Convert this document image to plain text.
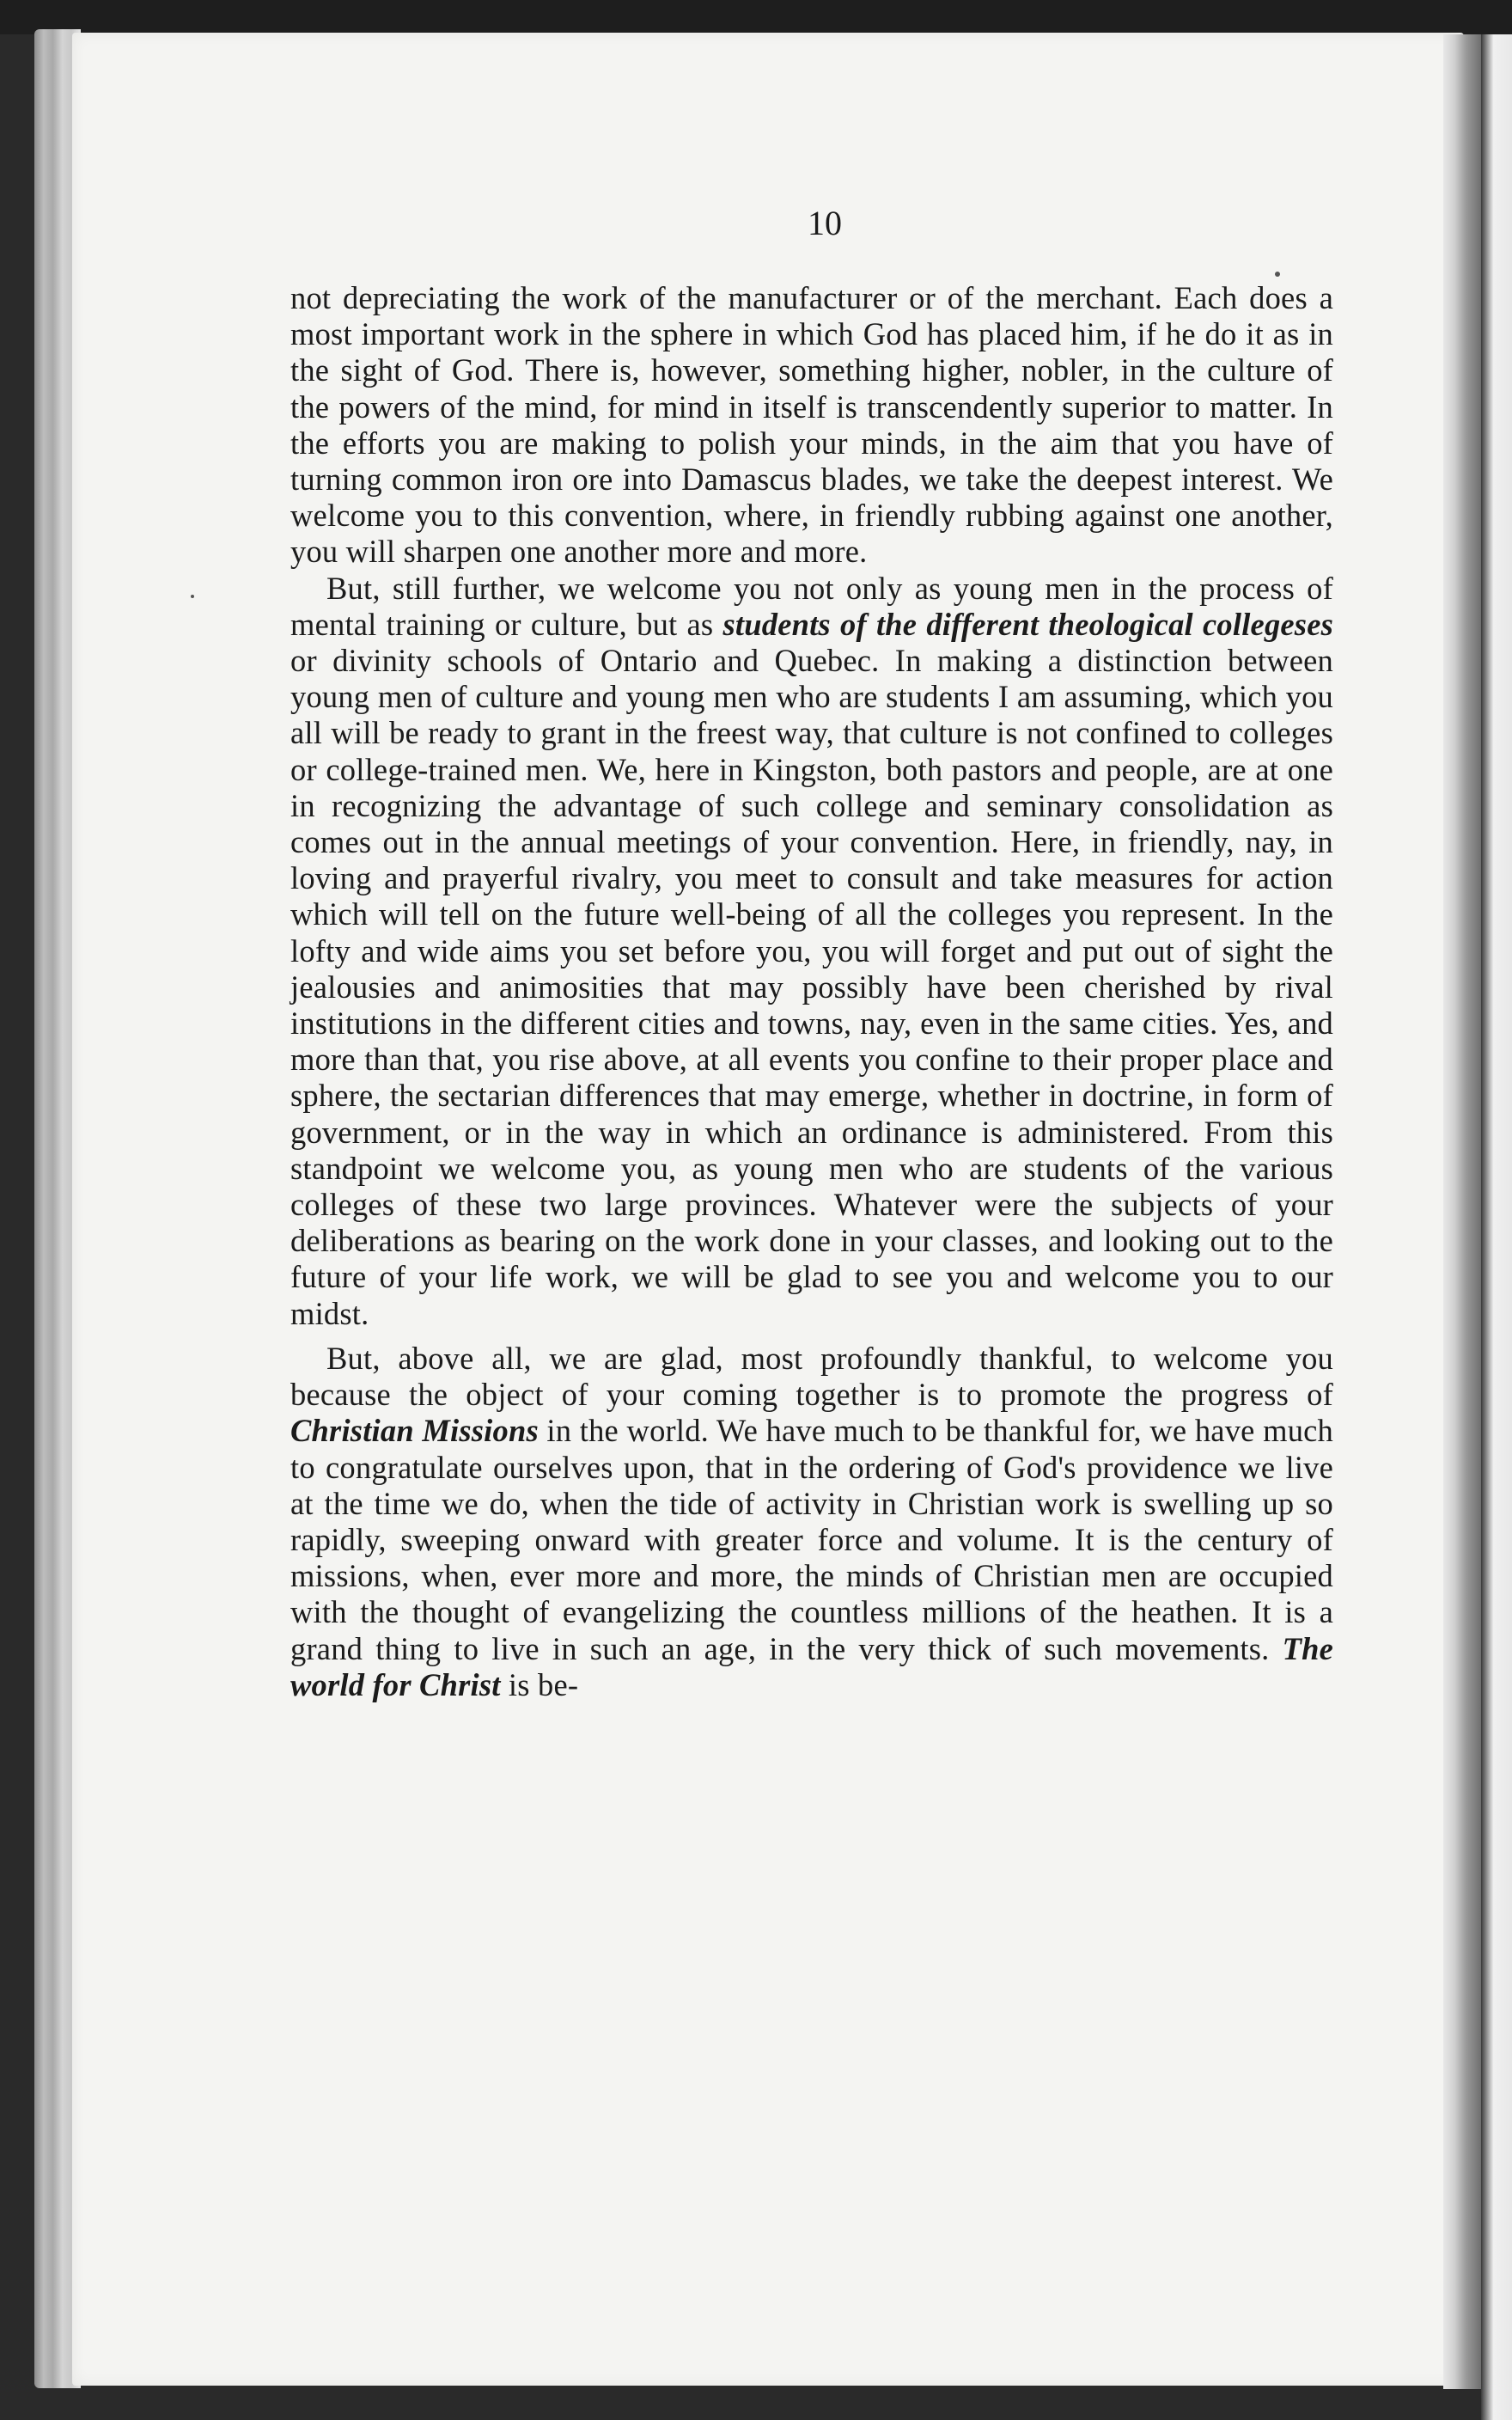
10

not depreciating the work of the manufacturer or of the merchant. Each does a most important work in the sphere in which God has placed him, if he do it as in the sight of God. There is, however, something higher, nobler, in the culture of the powers of the mind, for mind in itself is transcendently superior to matter. In the efforts you are making to polish your minds, in the aim that you have of turning common iron ore into Damascus blades, we take the deepest interest. We welcome you to this convention, where, in friendly rubbing against one another, you will sharpen one another more and more.

But, still further, we welcome you not only as young men in the process of mental training or culture, but as students of the different theological collegeses or divinity schools of Ontario and Quebec. In making a distinction between young men of culture and young men who are students I am assuming, which you all will be ready to grant in the freest way, that culture is not confined to colleges or college-trained men. We, here in Kingston, both pastors and people, are at one in recognizing the advantage of such college and seminary consolidation as comes out in the annual meetings of your convention. Here, in friendly, nay, in loving and prayerful rivalry, you meet to consult and take measures for action which will tell on the future well-being of all the colleges you represent. In the lofty and wide aims you set before you, you will forget and put out of sight the jealousies and animosities that may possibly have been cherished by rival institutions in the different cities and towns, nay, even in the same cities. Yes, and more than that, you rise above, at all events you confine to their proper place and sphere, the sectarian differences that may emerge, whether in doctrine, in form of government, or in the way in which an ordinance is administered. From this standpoint we welcome you, as young men who are students of the various colleges of these two large provinces. Whatever were the subjects of your deliberations as bearing on the work done in your classes, and looking out to the future of your life work, we will be glad to see you and welcome you to our midst.

But, above all, we are glad, most profoundly thankful, to welcome you because the object of your coming together is to promote the progress of Christian Missions in the world. We have much to be thankful for, we have much to congratulate ourselves upon, that in the ordering of God's providence we live at the time we do, when the tide of activity in Christian work is swelling up so rapidly, sweeping onward with greater force and volume. It is the century of missions, when, ever more and more, the minds of Christian men are occupied with the thought of evangelizing the countless millions of the heathen. It is a grand thing to live in such an age, in the very thick of such movements. The world for Christ is be-
